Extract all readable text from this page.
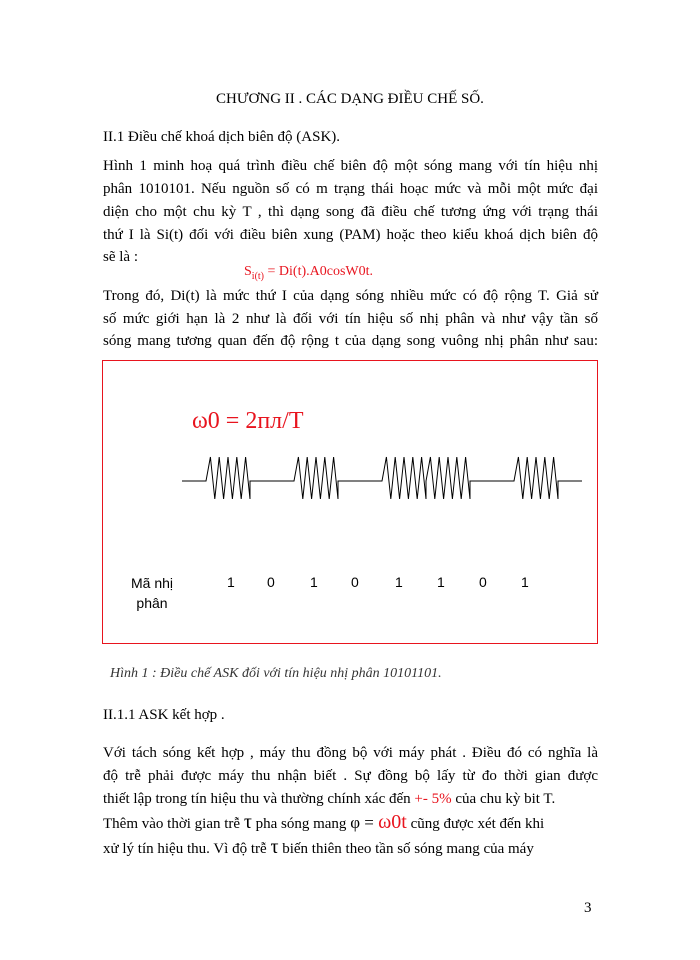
CHƯƠNG II . CÁC DẠNG ĐIỀU CHẾ SỐ.
II.1 Điều chế khoá dịch biên độ (ASK).
Hình 1 minh hoạ quá trình điều chế biên độ một sóng mang với tín hiệu nhị
phân 1010101. Nếu nguồn số có m trạng thái hoạc mức và mỗi một mức đại
diện cho một chu kỳ T , thì dạng song đã điều chế tương ứng với trạng thái
thứ I là Si(t) đối với điều biên xung (PAM) hoặc theo kiểu khoá dịch biên độ
sẽ là :
$S_{i(t)} = Di(t).A0\cos W0t$.
Trong đó, Di(t) là mức thứ I của dạng sóng nhiều mức có độ rộng T. Giả sử
số mức giới hạn là 2 như là đối với tín hiệu số nhị phân và như vậy tần số
sóng mang tương quan đến độ rộng t của dạng song vuông nhị phân như sau:
ω0 = 2пл/T
Mã nhị
phân
1 0	1 0	1 1 0 1
Hình 1 : Điều chế ASK đối với tín hiệu nhị phân 10101101.
II.1.1 ASK kết hợp .
Với tách sóng kết hợp , máy thu đồng bộ với máy phát . Điều đó có nghĩa là
độ trễ phải được máy thu nhận biết . Sự đồng bộ lấy từ đo thời gian được
thiết lập trong tín hiệu thu và thường chính xác đến +- 5% của chu kỳ bit T.
Thêm vào thời gian trễ τ pha sóng mang φ = ω0t cũng được xét đến khi
xử lý tín hiệu thu. Vì độ trễ τ biến thiên theo tần số sóng mang của máy
3
